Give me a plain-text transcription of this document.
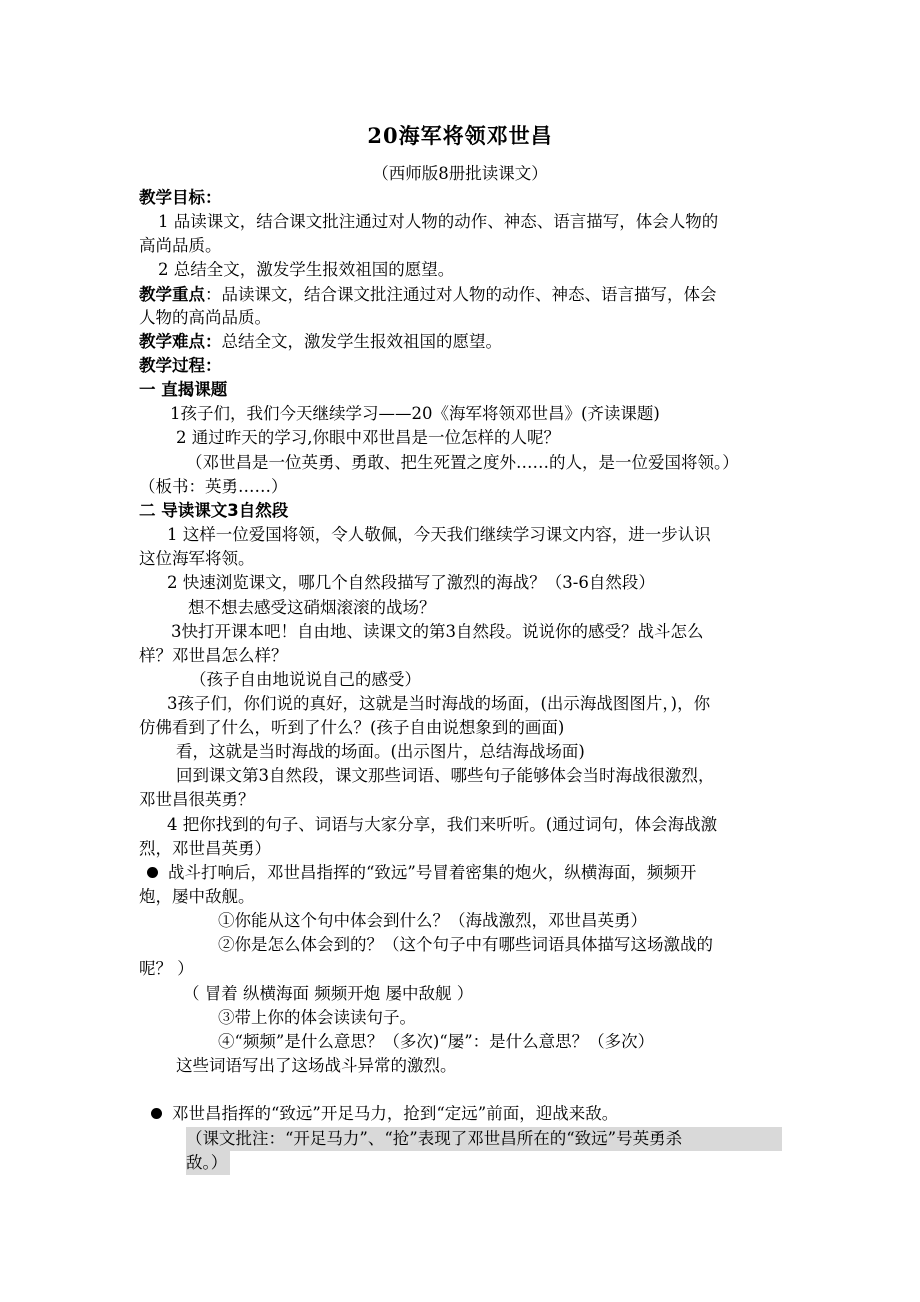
20海军将领邓世昌
（西师版8册批读课文）
教学目标：
1 品读课文，结合课文批注通过对人物的动作、神态、语言描写，体会人物的
高尚品质。
2 总结全文，激发学生报效祖国的愿望。
教学重点：品读课文，结合课文批注通过对人物的动作、神态、语言描写，体会
人物的高尚品质。
教学难点：总结全文，激发学生报效祖国的愿望。
教学过程：
一 直揭课题
1孩子们，我们今天继续学习——20《海军将领邓世昌》(齐读课题)
2 通过昨天的学习,你眼中邓世昌是一位怎样的人呢？
（邓世昌是一位英勇、勇敢、把生死置之度外……的人，是一位爱国将领。）
（板书：英勇……）
二 导读课文3自然段
1 这样一位爱国将领，令人敬佩，今天我们继续学习课文内容，进一步认识
这位海军将领。
2 快速浏览课文，哪几个自然段描写了激烈的海战？（3-6自然段）
想不想去感受这硝烟滚滚的战场？
3快打开课本吧！自由地、读课文的第3自然段。说说你的感受？战斗怎么
样？邓世昌怎么样？
（孩子自由地说说自己的感受）
3孩子们，你们说的真好，这就是当时海战的场面，(出示海战图图片，)，你
仿佛看到了什么，听到了什么？(孩子自由说想象到的画面)
看，这就是当时海战的场面。(出示图片，总结海战场面)
回到课文第3自然段，课文那些词语、哪些句子能够体会当时海战很激烈，
邓世昌很英勇？
4 把你找到的句子、词语与大家分享，我们来听听。(通过词句，体会海战激
烈，邓世昌英勇）
战斗打响后，邓世昌指挥的“致远”号冒着密集的炮火，纵横海面，频频开
炮，屡中敌舰。
①你能从这个句中体会到什么？（海战激烈，邓世昌英勇）
②你是怎么体会到的？（这个句子中有哪些词语具体描写这场激战的
呢？ ）
（ 冒着 纵横海面 频频开炮 屡中敌舰 ）
③带上你的体会读读句子。
④“频频”是什么意思？（多次)“屡”：是什么意思？（多次）
这些词语写出了这场战斗异常的激烈。
邓世昌指挥的“致远”开足马力，抢到“定远”前面，迎战来敌。
（课文批注：“开足马力”、“抢”表现了邓世昌所在的“致远”号英勇杀
敌。）
